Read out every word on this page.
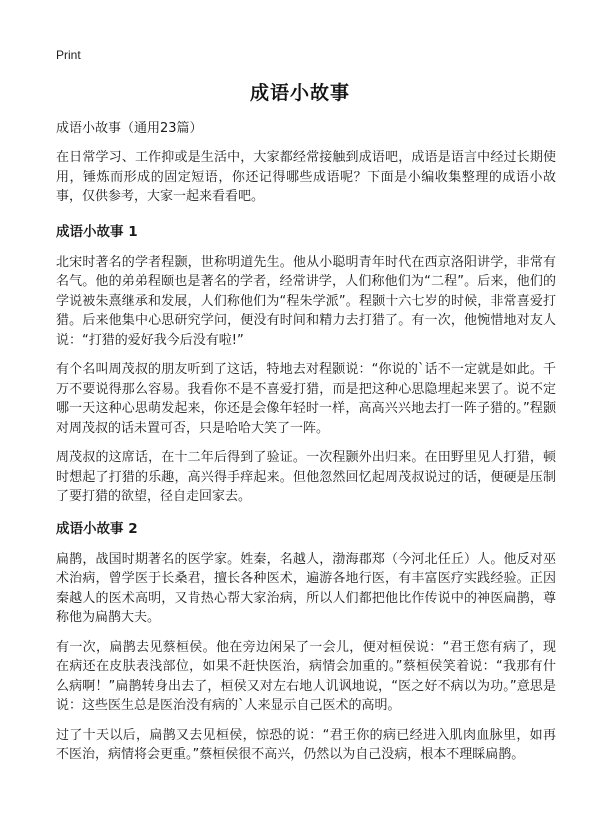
Print
成语小故事

成语小故事（通用23篇）

在日常学习、工作抑或是生活中，大家都经常接触到成语吧，成语是语言中经过长期使用，锤炼而形成的固定短语，你还记得哪些成语呢？下面是小编收集整理的成语小故事，仅供参考，大家一起来看看吧。

成语小故事 1

北宋时著名的学者程颢，世称明道先生。他从小聪明青年时代在西京洛阳讲学，非常有名气。他的弟弟程颐也是著名的学者，经常讲学，人们称他们为“二程”。后来，他们的学说被朱熹继承和发展，人们称他们为“程朱学派”。程颢十六七岁的时候，非常喜爱打猎。后来他集中心思研究学问，便没有时间和精力去打猎了。有一次，他惋惜地对友人说：“打猎的爱好我今后没有啦!”

有个名叫周茂叔的朋友听到了这话，特地去对程颢说：“你说的`话不一定就是如此。千万不要说得那么容易。我看你不是不喜爱打猎，而是把这种心思隐埋起来罢了。说不定哪一天这种心思萌发起来，你还是会像年轻时一样，高高兴兴地去打一阵子猎的。”程颢对周茂叔的话未置可否，只是哈哈大笑了一阵。

周茂叔的这席话，在十二年后得到了验证。一次程颢外出归来。在田野里见人打猎，顿时想起了打猎的乐趣，高兴得手痒起来。但他忽然回忆起周茂叔说过的话，便硬是压制了要打猎的欲望，径自走回家去。

成语小故事 2

扁鹊，战国时期著名的医学家。姓秦，名越人，渤海郡郑（今河北任丘）人。他反对巫术治病，曾学医于长桑君，擅长各种医术，遍游各地行医，有丰富医疗实践经验。正因秦越人的医术高明，又肯热心帮大家治病，所以人们都把他比作传说中的神医扁鹊，尊称他为扁鹊大夫。

有一次，扁鹊去见蔡桓侯。他在旁边闲呆了一会儿，便对桓侯说：“君王您有病了，现在病还在皮肤表浅部位，如果不赶快医治，病情会加重的。”蔡桓侯笑着说：“我那有什么病啊！”扁鹊转身出去了，桓侯又对左右地人讥讽地说，“医之好不病以为功。”意思是说：这些医生总是医治没有病的`人来显示自己医术的高明。

过了十天以后，扁鹊又去见桓侯，惊恐的说：“君王你的病已经进入肌肉血脉里，如再不医治，病情将会更重。”蔡桓侯很不高兴，仍然以为自己没病，根本不理睬扁鹊。
